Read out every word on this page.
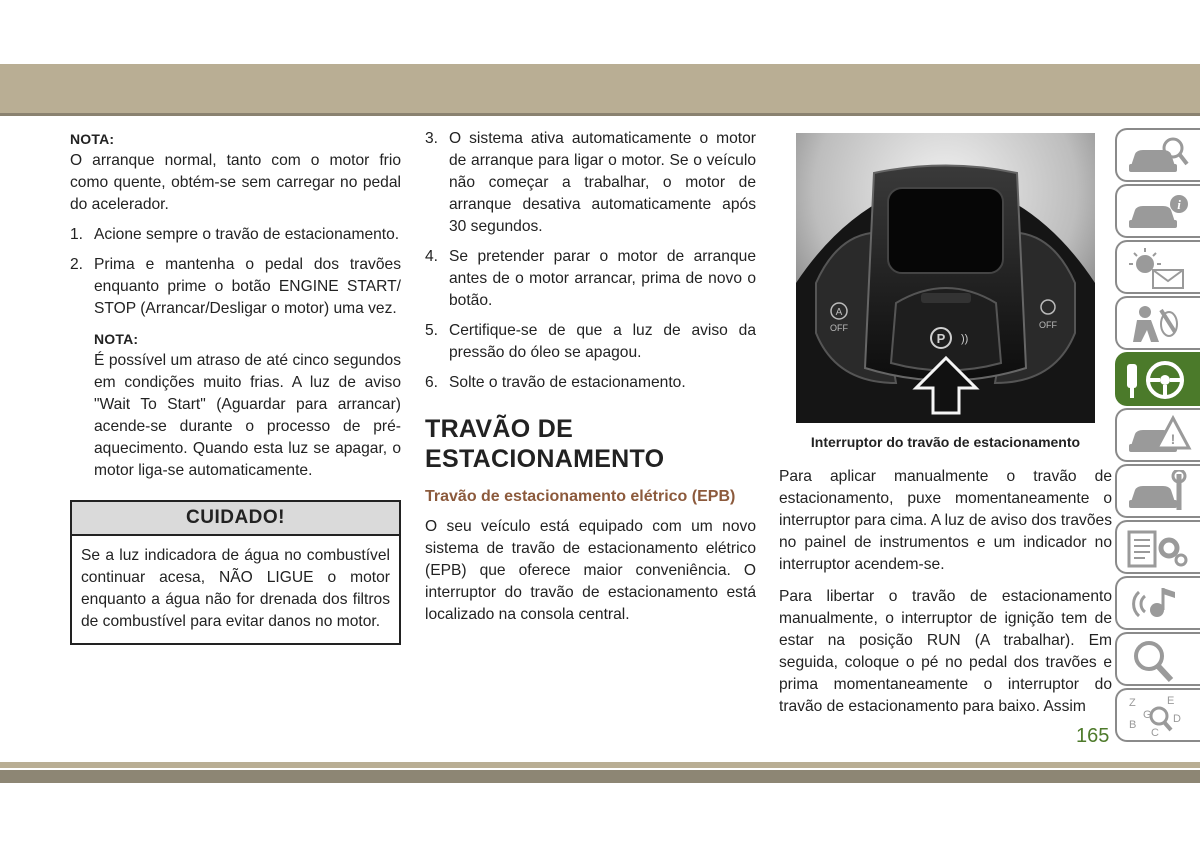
NOTA:

O arranque normal, tanto com o motor frio como quente, obtém-se sem carregar no pedal do acelerador.

1. Acione sempre o travão de estacionamento.
2. Prima e mantenha o pedal dos travões enquanto prime o botão ENGINE START/ STOP (Arrancar/Desligar o motor) uma vez.
NOTA:

É possível um atraso de até cinco segundos em condições muito frias. A luz de aviso "Wait To Start" (Aguardar para arrancar) acende-se durante o processo de pré-aquecimento. Quando esta luz se apagar, o motor liga-se automaticamente.

CUIDADO!
Se a luz indicadora de água no combustível continuar acesa, NÃO LIGUE o motor enquanto a água não for drenada dos filtros de combustível para evitar danos no motor.
3. O sistema ativa automaticamente o motor de arranque para ligar o motor. Se o veículo não começar a trabalhar, o motor de arranque desativa automaticamente após 30 segundos.
4. Se pretender parar o motor de arranque antes de o motor arrancar, prima de novo o botão.
5. Certifique-se de que a luz de aviso da pressão do óleo se apagou.
6. Solte o travão de estacionamento.
TRAVÃO DE ESTACIONAMENTO
Travão de estacionamento elétrico (EPB)

O seu veículo está equipado com um novo sistema de travão de estacionamento elétrico (EPB) que oferece maior conveniência. O interruptor do travão de estacionamento está localizado na consola central.

P ))
A
OFF	OFF
Interruptor do travão de estacionamento

Para aplicar manualmente o travão de estacionamento, puxe momentaneamente o interruptor para cima. A luz de aviso dos travões no painel de instrumentos e um indicador no interruptor acendem-se.

Para libertar o travão de estacionamento manualmente, o interruptor de ignição tem de estar na posição RUN (A trabalhar). Em seguida, coloque o pé no pedal dos travões e prima momentaneamente o interruptor do travão de estacionamento para baixo. Assim

165
i
!
Z	E
G D
B
C
